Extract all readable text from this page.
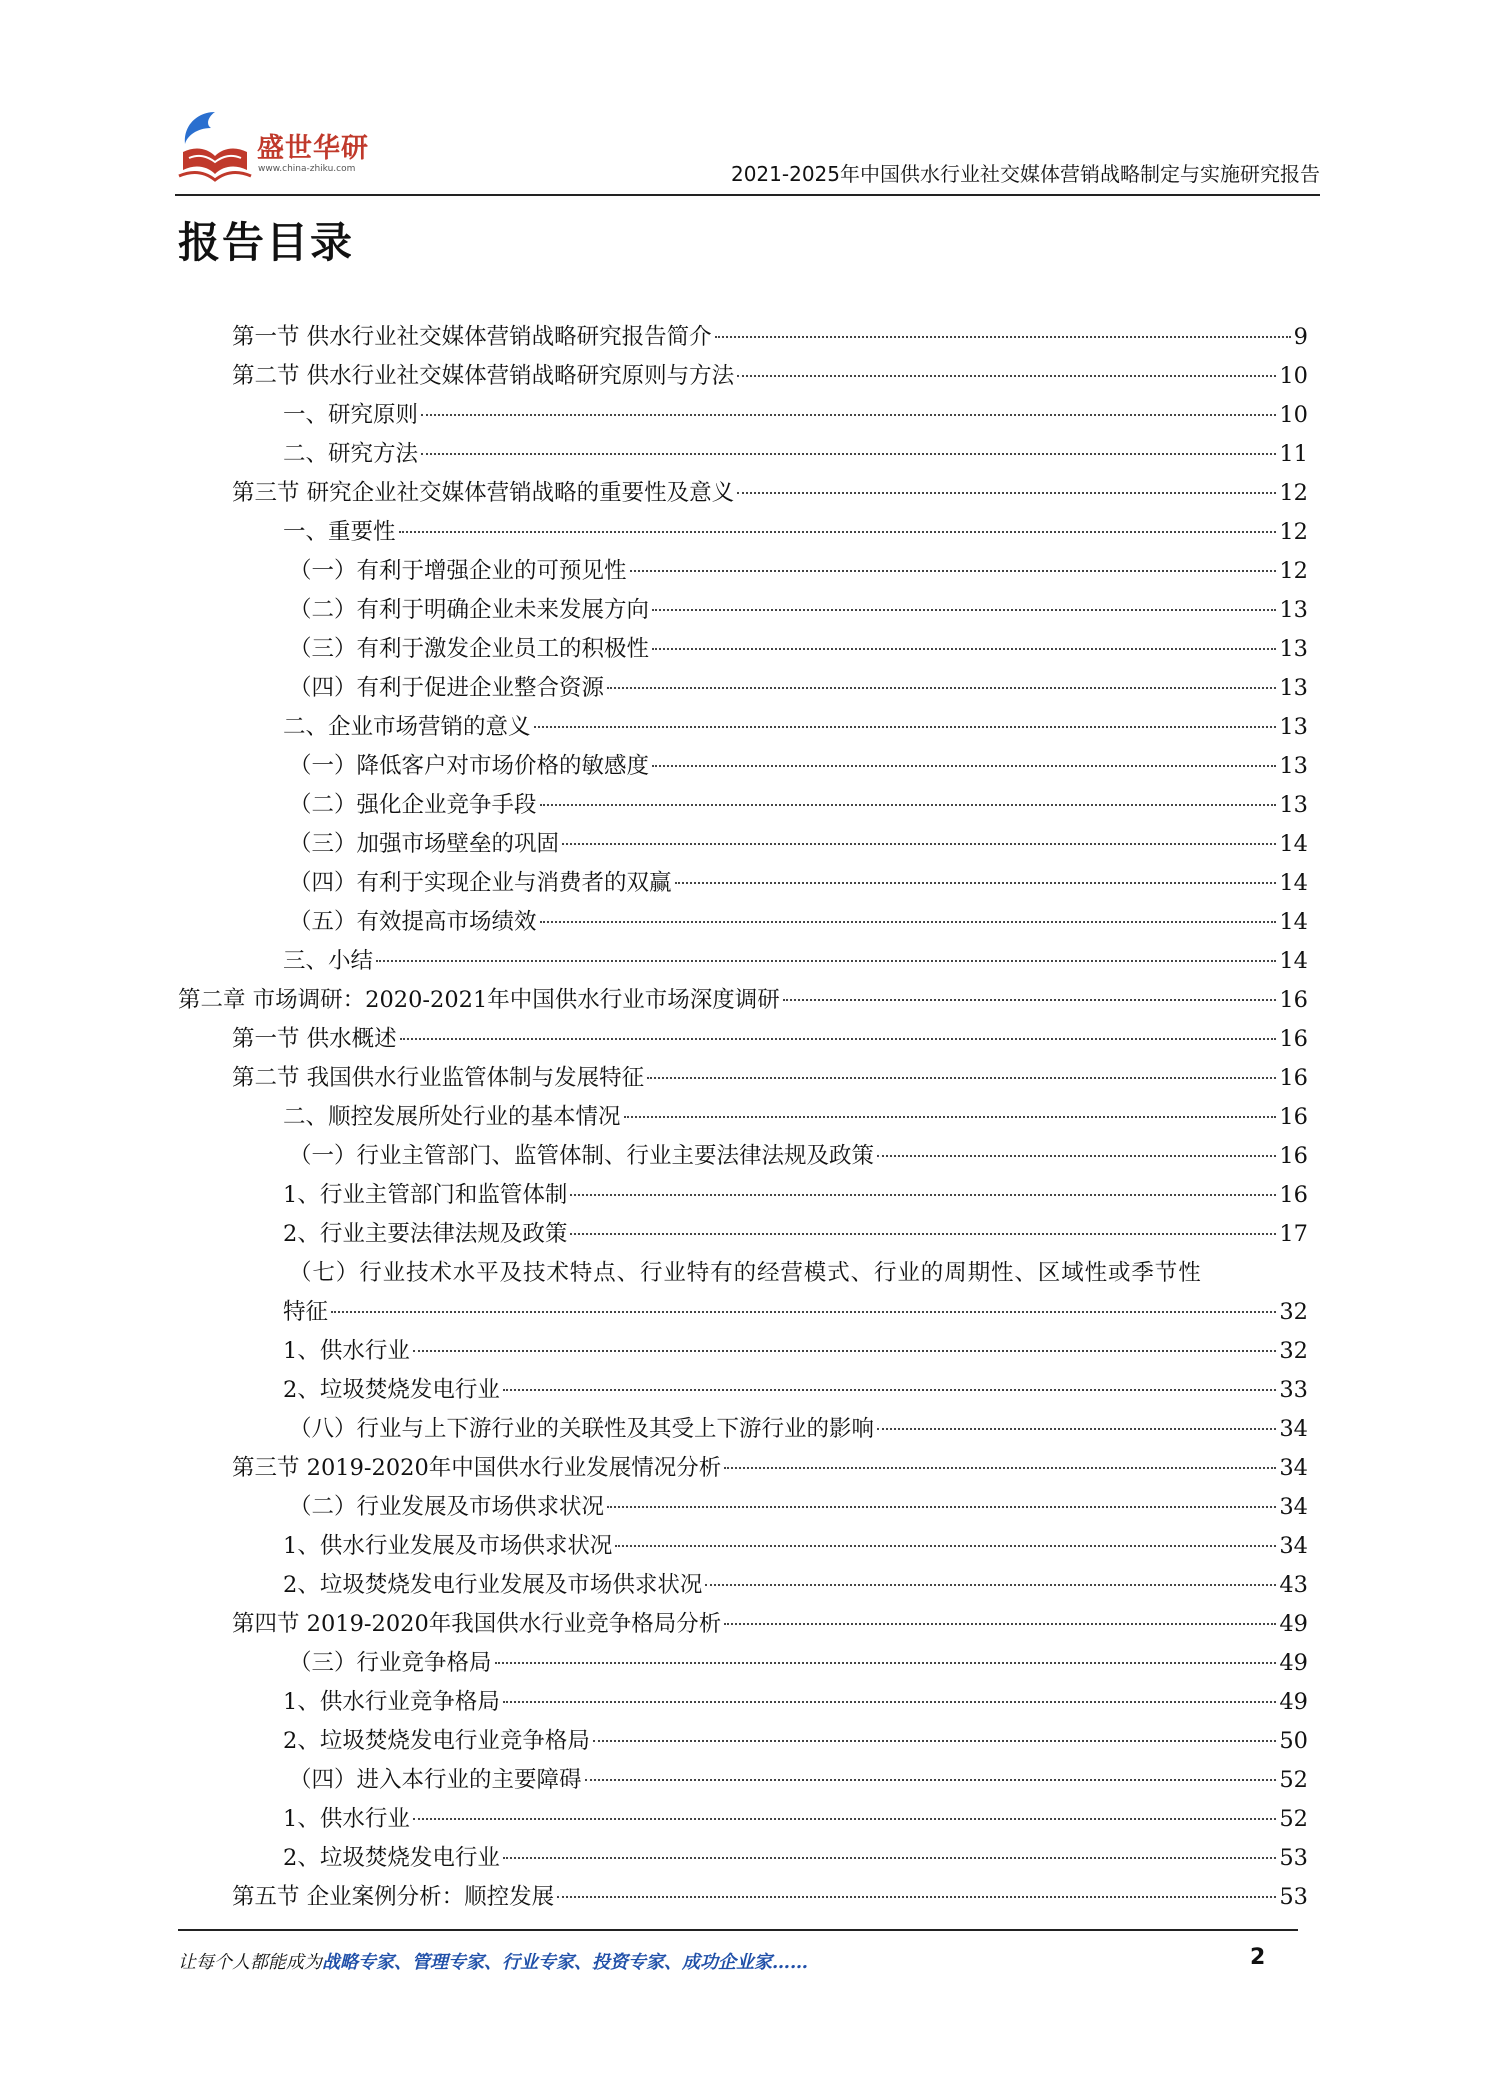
盛世华研
www.china-zhiku.com	2021-2025年中国供水行业社交媒体营销战略制定与实施研究报告
报告目录
第一节 供水行业社交媒体营销战略研究报告简介	9
第二节 供水行业社交媒体营销战略研究原则与方法	10
一、研究原则	10
二、研究方法	11
第三节 研究企业社交媒体营销战略的重要性及意义	12
一、重要性	12
（一）有利于增强企业的可预见性	12
（二）有利于明确企业未来发展方向	13
（三）有利于激发企业员工的积极性	13
（四）有利于促进企业整合资源	13
二、企业市场营销的意义	13
（一）降低客户对市场价格的敏感度	13
（二）强化企业竞争手段	13
（三）加强市场壁垒的巩固	14
（四）有利于实现企业与消费者的双赢	14
（五）有效提高市场绩效	14
三、小结	14
第二章 市场调研：2020-2021年中国供水行业市场深度调研	16
第一节 供水概述	16
第二节 我国供水行业监管体制与发展特征	16
二、顺控发展所处行业的基本情况	16
（一）行业主管部门、监管体制、行业主要法律法规及政策	16
1、行业主管部门和监管体制	16
2、行业主要法律法规及政策	17
（七）行业技术水平及技术特点、行业特有的经营模式、行业的周期性、区域性或季节性
特征	32
1、供水行业	32
2、垃圾焚烧发电行业	33
（八）行业与上下游行业的关联性及其受上下游行业的影响	34
第三节 2019-2020年中国供水行业发展情况分析	34
（二）行业发展及市场供求状况	34
1、供水行业发展及市场供求状况	34
2、垃圾焚烧发电行业发展及市场供求状况	43
第四节 2019-2020年我国供水行业竞争格局分析	49
（三）行业竞争格局	49
1、供水行业竞争格局	49
2、垃圾焚烧发电行业竞争格局	50
（四）进入本行业的主要障碍	52
1、供水行业	52
2、垃圾焚烧发电行业	53
第五节 企业案例分析：顺控发展	53
让每个人都能成为战略专家、管理专家、行业专家、投资专家、成功企业家……	2
